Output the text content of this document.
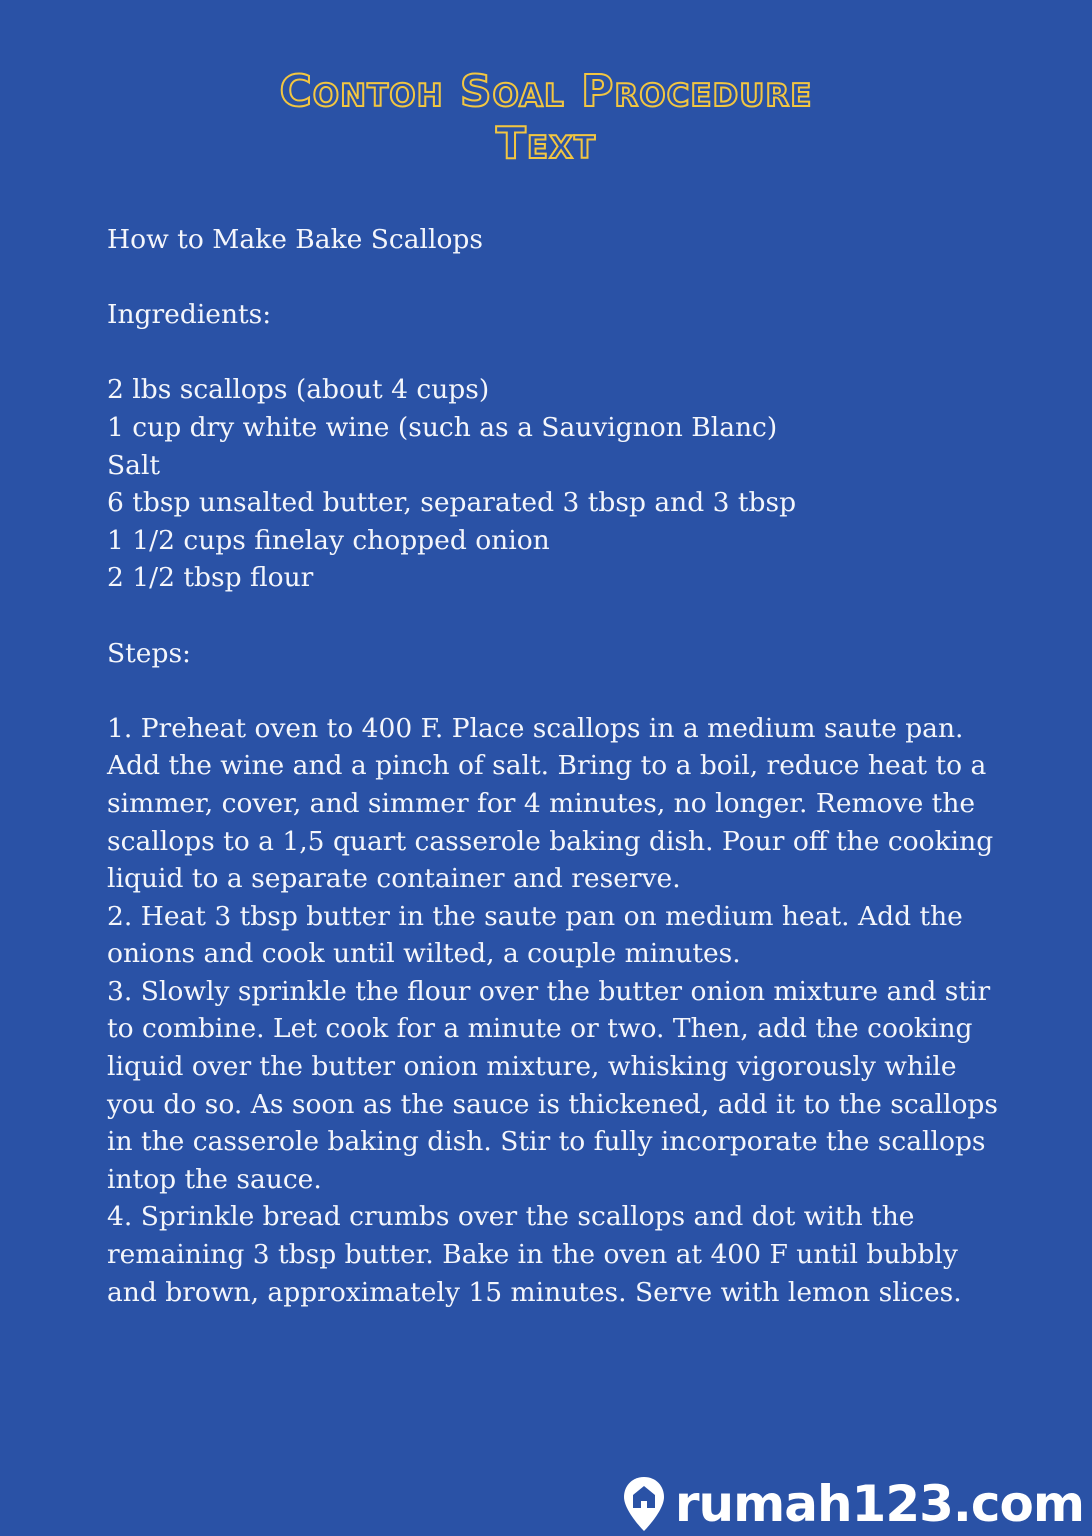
Contoh Soal Procedure
Text
How to Make Bake Scallops
Ingredients:
2 lbs scallops (about 4 cups)
1 cup dry white wine (such as a Sauvignon Blanc)
Salt
6 tbsp unsalted butter, separated 3 tbsp and 3 tbsp
1 1/2 cups finelay chopped onion
2 1/2 tbsp flour
Steps:
1. Preheat oven to 400 F. Place scallops in a medium saute pan.
Add the wine and a pinch of salt. Bring to a boil, reduce heat to a
simmer, cover, and simmer for 4 minutes, no longer. Remove the
scallops to a 1,5 quart casserole baking dish. Pour off the cooking
liquid to a separate container and reserve.
2. Heat 3 tbsp butter in the saute pan on medium heat. Add the
onions and cook until wilted, a couple minutes.
3. Slowly sprinkle the flour over the butter onion mixture and stir
to combine. Let cook for a minute or two. Then, add the cooking
liquid over the butter onion mixture, whisking vigorously while
you do so. As soon as the sauce is thickened, add it to the scallops
in the casserole baking dish. Stir to fully incorporate the scallops
intop the sauce.
4. Sprinkle bread crumbs over the scallops and dot with the
remaining 3 tbsp butter. Bake in the oven at 400 F until bubbly
and brown, approximately 15 minutes. Serve with lemon slices.
rumah123.com
